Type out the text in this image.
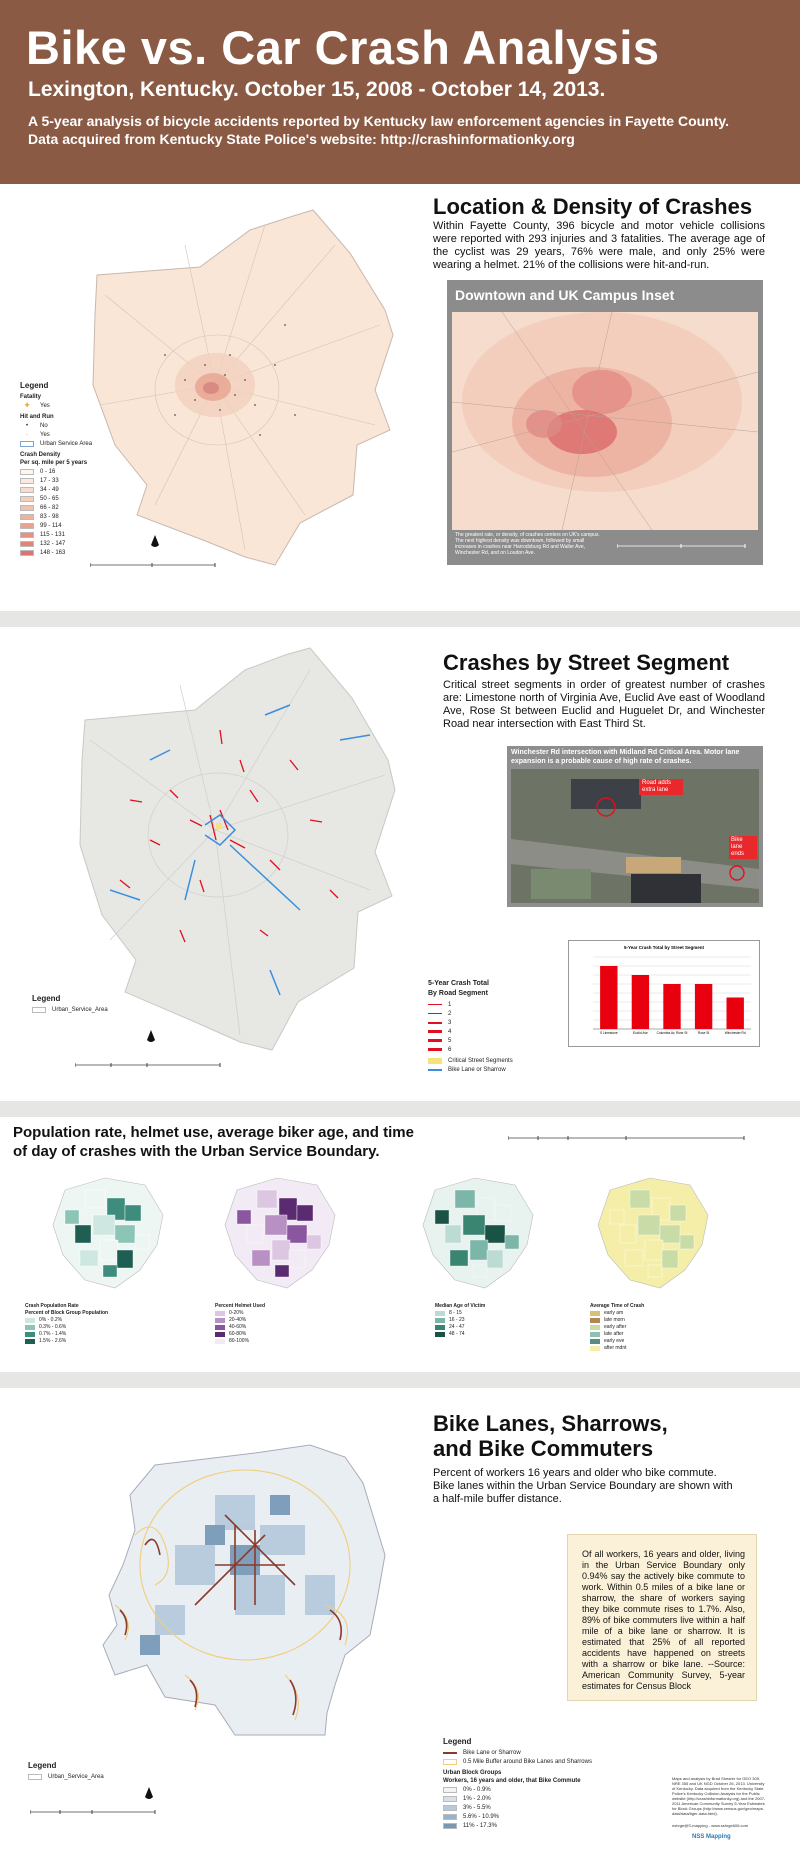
Bike vs. Car Crash Analysis
Lexington, Kentucky. October 15, 2008 - October 14, 2013.
A 5-year analysis of bicycle accidents reported by Kentucky law enforcement agencies in Fayette County.
Data acquired from Kentucky State Police's website: http://crashinformationky.org
Legend
Fatality
✚	Yes
Hit and Run
•	No
·	Yes
Urban Service Area
Crash Density
Per sq. mile per 5 years
0 - 16
17 - 33
34 - 49
50 - 65
66 - 82
83 - 98
99 - 114
115 - 131
132 - 147
148 - 163
Location & Density of Crashes
Within Fayette County, 396 bicycle and motor vehicle collisions were reported with 293 injuries and 3 fatalities. The average age of the cyclist was 29 years, 76% were male, and only 25% were wearing a helmet. 21% of the collisions were hit-and-run.
Downtown and UK Campus Inset
The greatest rate, or density, of crashes centers on UK's campus. The next highest density was downtown, followed by small increases in crashes near Harrodsburg Rd and Waller Ave, Winchester Rd, and on Loudon Ave.
Crashes by Street Segment
Critical street segments in order of greatest number of crashes are: Limestone north of Virginia Ave, Euclid Ave east of Woodland Ave, Rose St between Euclid and Huguelet Dr, and Winchester Road near intersection with East Third St.
Winchester Rd intersection with Midland Rd Critical Area. Motor lane expansion is a probable cause of high rate of crashes.
Road adds extra lane
Bike lane ends
5-Year Crash Total by Street Segment
S Limestone	Euclid Ave	Columbia Av, Rose St	Rose St	Winchester Rd
Legend
Urban_Service_Area
5-Year Crash Total
By Road Segment
1
2
3
4
5
6
Critical Street Segments
Bike Lane or Sharrow
Population rate, helmet use, average biker age, and time
of day of crashes with the Urban Service Boundary.
Crash Population Rate
Percent of Block Group Population
0% - 0.2%
0.3% - 0.6%
0.7% - 1.4%
1.5% - 2.6%
Percent Helmet Used
0-20%
20-40%
40-60%
60-80%
80-100%
Median Age of Victim
8 - 15
16 - 23
24 - 47
48 - 74
Average Time of Crash
early am
late morn
early after
late after
early eve
after mdnt
Bike Lanes, Sharrows,
and Bike Commuters
Percent of workers 16 years and older who bike commute. Bike lanes within the Urban Service Boundary are shown with a half-mile buffer distance.
Of all workers, 16 years and older, living in the Urban Service Boundary only 0.94% say the actively bike commute to work. Within 0.5 miles of a bike lane or sharrow, the share of workers saying they bike commute rises to 1.7%. Also, 89% of bike commuters live within a half mile of a bike lane or sharrow. It is estimated that 25% of all reported accidents have happened on streets with a sharrow or bike lane. --Source: American Community Survey, 5-year estimates for Census Block
Legend
Urban_Service_Area
Legend
Bike Lane or Sharrow
0.5 Mile Buffer around Bike Lanes and Sharrows
Urban Block Groups
Workers, 16 years and older, that Bike Commute
0% - 0.9%
1% - 2.0%
3% - 5.5%
5.6% - 10.9%
11% - 17.3%
Maps and analysis by Brad Shearer for GEO 309, NRE 355 and UK NGD October 26, 2013. University of Kentucky. Data acquired from the Kentucky State Police's Kentucky Collision Analysis for the Public website (http://crashinformationky.org) and the 2007-2011 American Community Survey 5-Year Estimates for Block Groups (http://www.census.gov/geo/maps-data/data/tiger-data.html).
nshrge@S-mapping - www.sshrge606.com
NSS Mapping
